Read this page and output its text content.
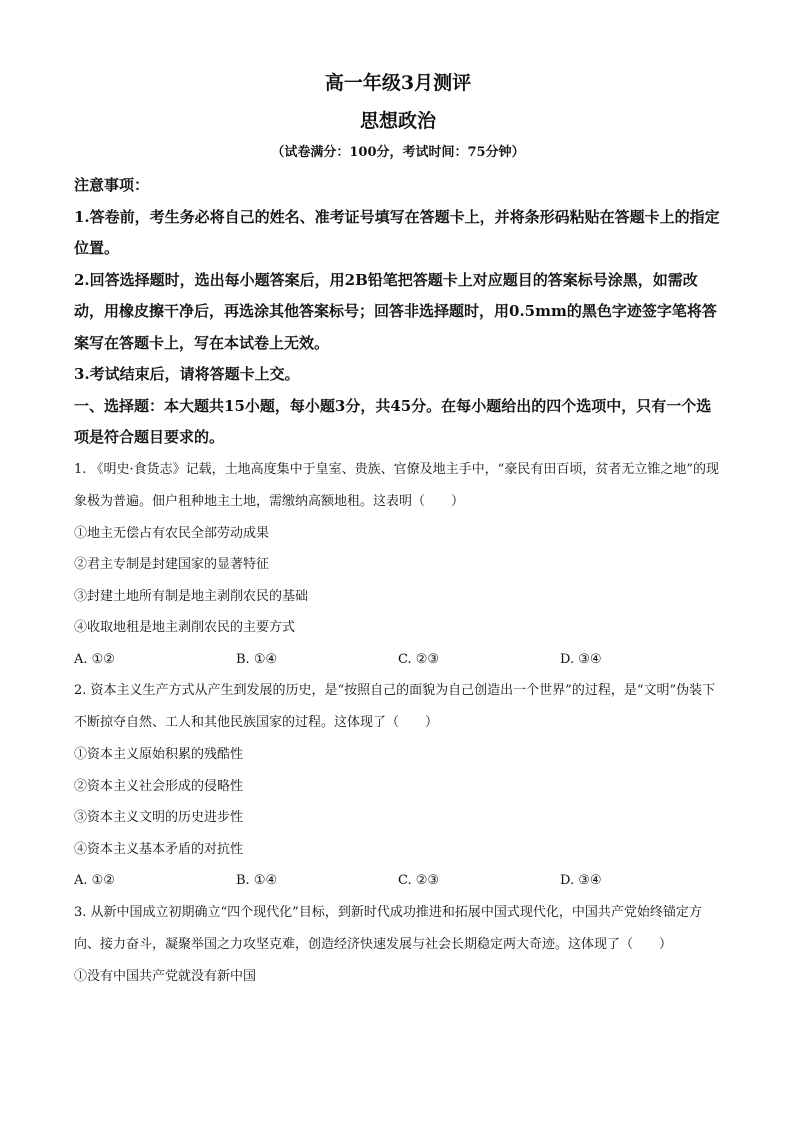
高一年级3月测评
思想政治
（试卷满分：100分，考试时间：75分钟）
注意事项：
1.答卷前，考生务必将自己的姓名、准考证号填写在答题卡上，并将条形码粘贴在答题卡上的指定位置。
2.回答选择题时，选出每小题答案后，用2B铅笔把答题卡上对应题目的答案标号涂黑，如需改动，用橡皮擦干净后，再选涂其他答案标号；回答非选择题时，用0.5mm的黑色字迹签字笔将答案写在答题卡上，写在本试卷上无效。
3.考试结束后，请将答题卡上交。
一、选择题：本大题共15小题，每小题3分，共45分。在每小题给出的四个选项中，只有一个选项是符合题目要求的。
1. 《明史·食货志》记载，土地高度集中于皇室、贵族、官僚及地主手中，“豪民有田百顷，贫者无立锥之地”的现象极为普遍。佃户租种地主土地，需缴纳高额地租。这表明（　　）
①地主无偿占有农民全部劳动成果
②君主专制是封建国家的显著特征
③封建土地所有制是地主剥削农民的基础
④收取地租是地主剥削农民的主要方式
A. ①②	B. ①④	C. ②③	D. ③④
2. 资本主义生产方式从产生到发展的历史，是“按照自己的面貌为自己创造出一个世界”的过程，是“文明”伪装下不断掠夺自然、工人和其他民族国家的过程。这体现了（　　）
①资本主义原始积累的残酷性
②资本主义社会形成的侵略性
③资本主义文明的历史进步性
④资本主义基本矛盾的对抗性
A. ①②	B. ①④	C. ②③	D. ③④
3. 从新中国成立初期确立“四个现代化”目标，到新时代成功推进和拓展中国式现代化，中国共产党始终锚定方向、接力奋斗，凝聚举国之力攻坚克难，创造经济快速发展与社会长期稳定两大奇迹。这体现了（　　）
①没有中国共产党就没有新中国
